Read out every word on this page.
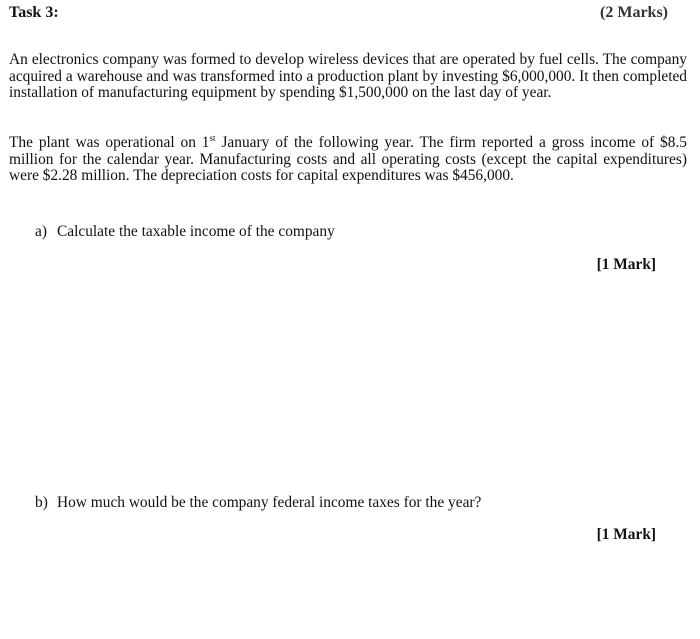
Task 3:	(2 Marks)
An electronics company was formed to develop wireless devices that are operated by fuel cells. The company acquired a warehouse and was transformed into a production plant by investing $6,000,000. It then completed installation of manufacturing equipment by spending $1,500,000 on the last day of year.
The plant was operational on 1st January of the following year. The firm reported a gross income of $8.5 million for the calendar year. Manufacturing costs and all operating costs (except the capital expenditures) were $2.28 million. The depreciation costs for capital expenditures was $456,000.
a) Calculate the taxable income of the company
[1 Mark]
b) How much would be the company federal income taxes for the year?
[1 Mark]
